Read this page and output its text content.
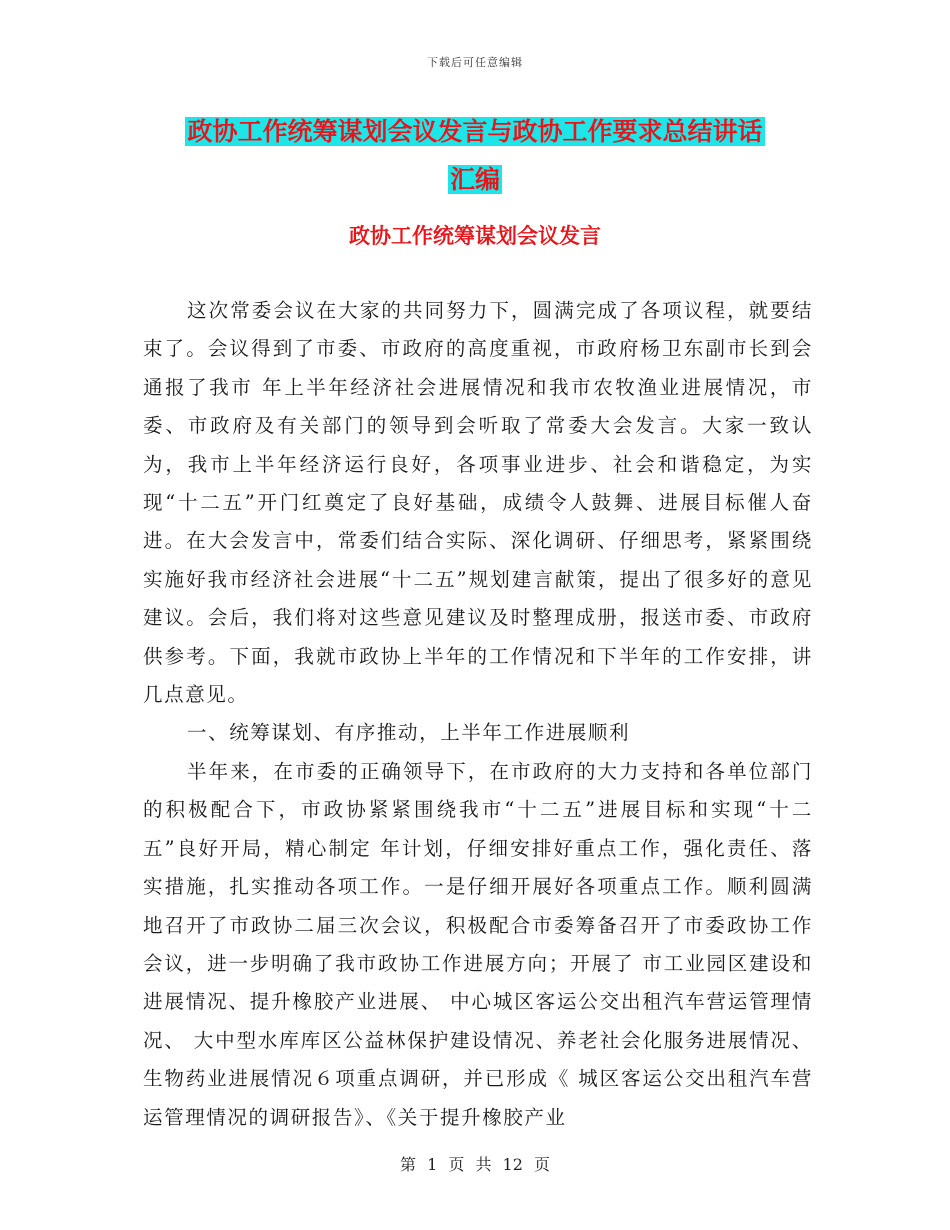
下载后可任意编辑
政协工作统筹谋划会议发言与政协工作要求总结讲话
汇编
政协工作统筹谋划会议发言

这次常委会议在大家的共同努力下，圆满完成了各项议程，就要结束了。会议得到了市委、市政府的高度重视，市政府杨卫东副市长到会通报了我市 年上半年经济社会进展情况和我市农牧渔业进展情况，市委、市政府及有关部门的领导到会听取了常委大会发言。大家一致认为，我市上半年经济运行良好，各项事业进步、社会和谐稳定，为实现“十二五”开门红奠定了良好基础，成绩令人鼓舞、进展目标催人奋进。在大会发言中，常委们结合实际、深化调研、仔细思考，紧紧围绕实施好我市经济社会进展“十二五”规划建言献策，提出了很多好的意见建议。会后，我们将对这些意见建议及时整理成册，报送市委、市政府供参考。下面，我就市政协上半年的工作情况和下半年的工作安排，讲几点意见。

一、统筹谋划、有序推动，上半年工作进展顺利

半年来，在市委的正确领导下，在市政府的大力支持和各单位部门的积极配合下，市政协紧紧围绕我市“十二五”进展目标和实现“十二五”良好开局，精心制定 年计划，仔细安排好重点工作，强化责任、落实措施，扎实推动各项工作。一是仔细开展好各项重点工作。顺利圆满地召开了市政协二届三次会议，积极配合市委筹备召开了市委政协工作会议，进一步明确了我市政协工作进展方向；开展了 市工业园区建设和进展情况、提升橡胶产业进展、 中心城区客运公交出租汽车营运管理情况、 大中型水库库区公益林保护建设情况、养老社会化服务进展情况、生物药业进展情况６项重点调研，并已形成《 城区客运公交出租汽车营运管理情况的调研报告》、《关于提升橡胶产业

第 1 页 共 12 页
